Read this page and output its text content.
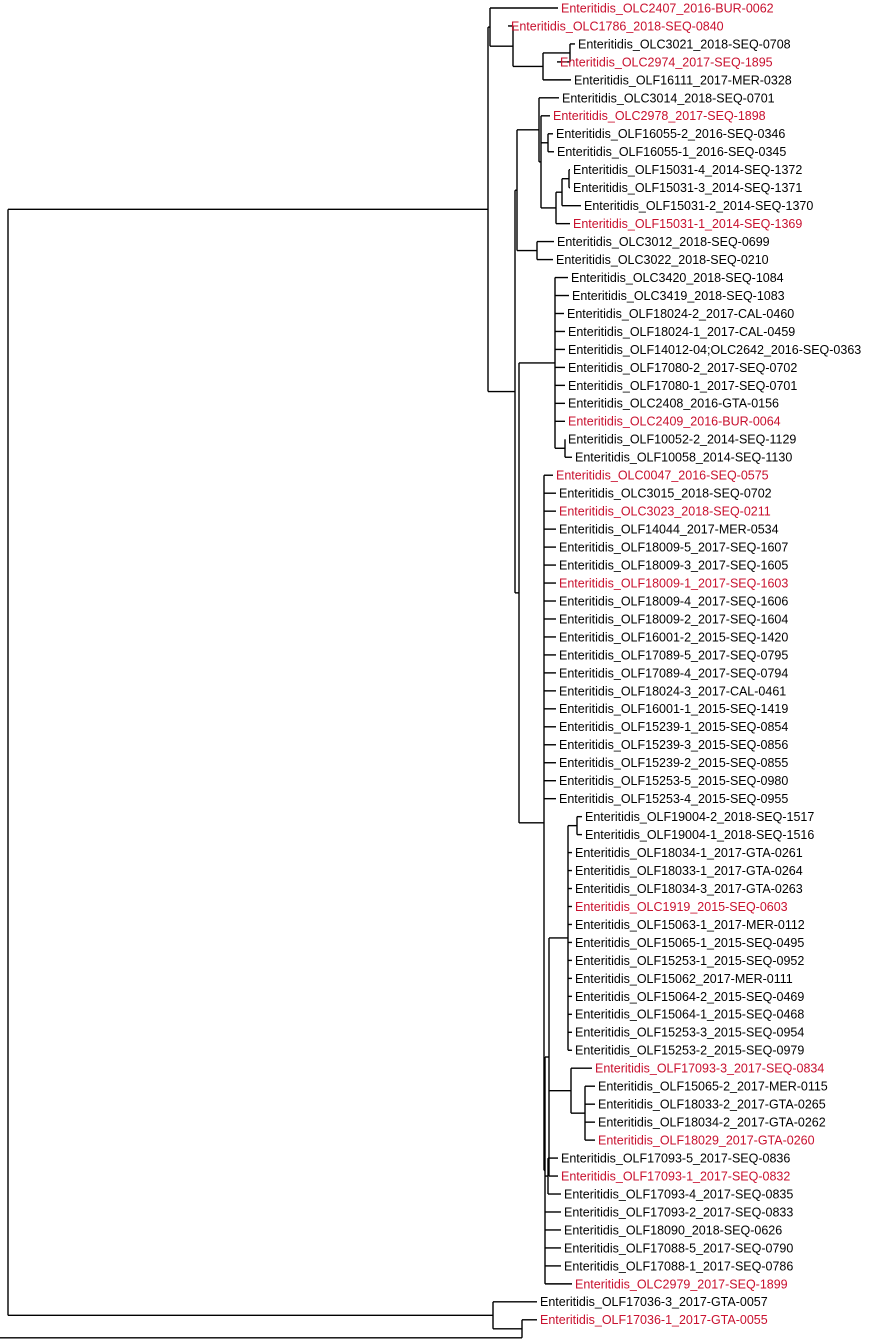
Enteritidis_OLC2407_2016-BUR-0062
Enteritidis_OLC1786_2018-SEQ-0840
Enteritidis_OLC3021_2018-SEQ-0708
Enteritidis_OLC2974_2017-SEQ-1895
Enteritidis_OLF16111_2017-MER-0328
Enteritidis_OLC3014_2018-SEQ-0701
Enteritidis_OLC2978_2017-SEQ-1898
Enteritidis_OLF16055-2_2016-SEQ-0346
Enteritidis_OLF16055-1_2016-SEQ-0345
Enteritidis_OLF15031-4_2014-SEQ-1372
Enteritidis_OLF15031-3_2014-SEQ-1371
Enteritidis_OLF15031-2_2014-SEQ-1370
Enteritidis_OLF15031-1_2014-SEQ-1369
Enteritidis_OLC3012_2018-SEQ-0699
Enteritidis_OLC3022_2018-SEQ-0210
Enteritidis_OLC3420_2018-SEQ-1084
Enteritidis_OLC3419_2018-SEQ-1083
Enteritidis_OLF18024-2_2017-CAL-0460
Enteritidis_OLF18024-1_2017-CAL-0459
Enteritidis_OLF14012-04;OLC2642_2016-SEQ-0363
Enteritidis_OLF17080-2_2017-SEQ-0702
Enteritidis_OLF17080-1_2017-SEQ-0701
Enteritidis_OLC2408_2016-GTA-0156
Enteritidis_OLC2409_2016-BUR-0064
Enteritidis_OLF10052-2_2014-SEQ-1129
Enteritidis_OLF10058_2014-SEQ-1130
Enteritidis_OLC0047_2016-SEQ-0575
Enteritidis_OLC3015_2018-SEQ-0702
Enteritidis_OLC3023_2018-SEQ-0211
Enteritidis_OLF14044_2017-MER-0534
Enteritidis_OLF18009-5_2017-SEQ-1607
Enteritidis_OLF18009-3_2017-SEQ-1605
Enteritidis_OLF18009-1_2017-SEQ-1603
Enteritidis_OLF18009-4_2017-SEQ-1606
Enteritidis_OLF18009-2_2017-SEQ-1604
Enteritidis_OLF16001-2_2015-SEQ-1420
Enteritidis_OLF17089-5_2017-SEQ-0795
Enteritidis_OLF17089-4_2017-SEQ-0794
Enteritidis_OLF18024-3_2017-CAL-0461
Enteritidis_OLF16001-1_2015-SEQ-1419
Enteritidis_OLF15239-1_2015-SEQ-0854
Enteritidis_OLF15239-3_2015-SEQ-0856
Enteritidis_OLF15239-2_2015-SEQ-0855
Enteritidis_OLF15253-5_2015-SEQ-0980
Enteritidis_OLF15253-4_2015-SEQ-0955
Enteritidis_OLF19004-2_2018-SEQ-1517
Enteritidis_OLF19004-1_2018-SEQ-1516
Enteritidis_OLF18034-1_2017-GTA-0261
Enteritidis_OLF18033-1_2017-GTA-0264
Enteritidis_OLF18034-3_2017-GTA-0263
Enteritidis_OLC1919_2015-SEQ-0603
Enteritidis_OLF15063-1_2017-MER-0112
Enteritidis_OLF15065-1_2015-SEQ-0495
Enteritidis_OLF15253-1_2015-SEQ-0952
Enteritidis_OLF15062_2017-MER-0111
Enteritidis_OLF15064-2_2015-SEQ-0469
Enteritidis_OLF15064-1_2015-SEQ-0468
Enteritidis_OLF15253-3_2015-SEQ-0954
Enteritidis_OLF15253-2_2015-SEQ-0979
Enteritidis_OLF17093-3_2017-SEQ-0834
Enteritidis_OLF15065-2_2017-MER-0115
Enteritidis_OLF18033-2_2017-GTA-0265
Enteritidis_OLF18034-2_2017-GTA-0262
Enteritidis_OLF18029_2017-GTA-0260
Enteritidis_OLF17093-5_2017-SEQ-0836
Enteritidis_OLF17093-1_2017-SEQ-0832
Enteritidis_OLF17093-4_2017-SEQ-0835
Enteritidis_OLF17093-2_2017-SEQ-0833
Enteritidis_OLF18090_2018-SEQ-0626
Enteritidis_OLF17088-5_2017-SEQ-0790
Enteritidis_OLF17088-1_2017-SEQ-0786
Enteritidis_OLC2979_2017-SEQ-1899
Enteritidis_OLF17036-3_2017-GTA-0057
Enteritidis_OLF17036-1_2017-GTA-0055
